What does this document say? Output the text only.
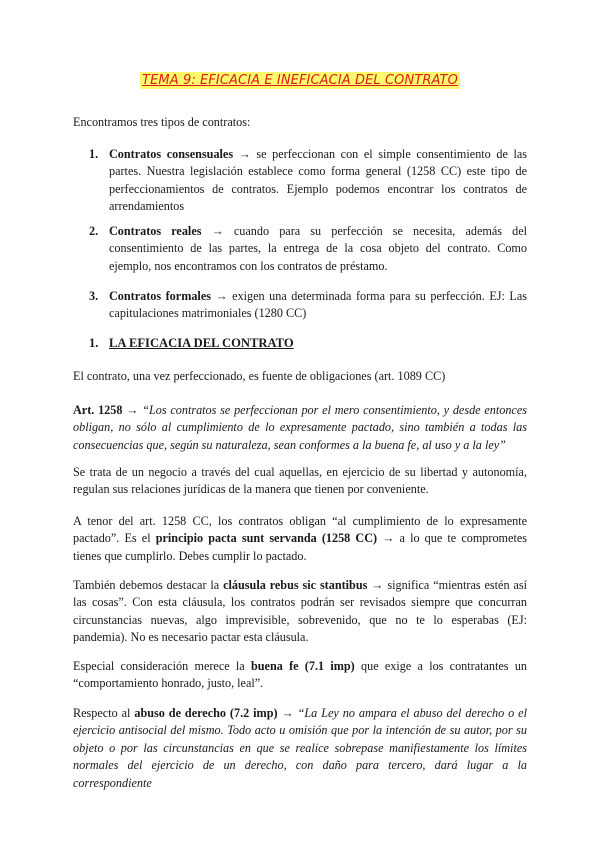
TEMA 9: EFICACIA E INEFICACIA DEL CONTRATO

Encontramos tres tipos de contratos:

1. Contratos consensuales → se perfeccionan con el simple consentimiento de las partes. Nuestra legislación establece como forma general (1258 CC) este tipo de perfeccionamientos de contratos. Ejemplo podemos encontrar los contratos de arrendamientos
2. Contratos reales → cuando para su perfección se necesita, además del consentimiento de las partes, la entrega de la cosa objeto del contrato. Como ejemplo, nos encontramos con los contratos de préstamo.
3. Contratos formales → exigen una determinada forma para su perfección. EJ: Las capitulaciones matrimoniales (1280 CC)
1. LA EFICACIA DEL CONTRATO

El contrato, una vez perfeccionado, es fuente de obligaciones (art. 1089 CC)

Art. 1258 → “Los contratos se perfeccionan por el mero consentimiento, y desde entonces obligan, no sólo al cumplimiento de lo expresamente pactado, sino también a todas las consecuencias que, según su naturaleza, sean conformes a la buena fe, al uso y a la ley”

Se trata de un negocio a través del cual aquellas, en ejercicio de su libertad y autonomía, regulan sus relaciones jurídicas de la manera que tienen por conveniente.

A tenor del art. 1258 CC, los contratos obligan “al cumplimiento de lo expresamente pactado”. Es el principio pacta sunt servanda (1258 CC) → a lo que te comprometes tienes que cumplirlo. Debes cumplir lo pactado.

También debemos destacar la cláusula rebus sic stantibus → significa “mientras estén así las cosas”. Con esta cláusula, los contratos podrán ser revisados siempre que concurran circunstancias nuevas, algo imprevisible, sobrevenido, que no te lo esperabas (EJ: pandemia). No es necesario pactar esta cláusula.

Especial consideración merece la buena fe (7.1 imp) que exige a los contratantes un “comportamiento honrado, justo, leal”.

Respecto al abuso de derecho (7.2 imp) → “La Ley no ampara el abuso del derecho o el ejercicio antisocial del mismo. Todo acto u omisión que por la intención de su autor, por su objeto o por las circunstancias en que se realice sobrepase manifiestamente los límites normales del ejercicio de un derecho, con daño para tercero, dará lugar a la correspondiente
